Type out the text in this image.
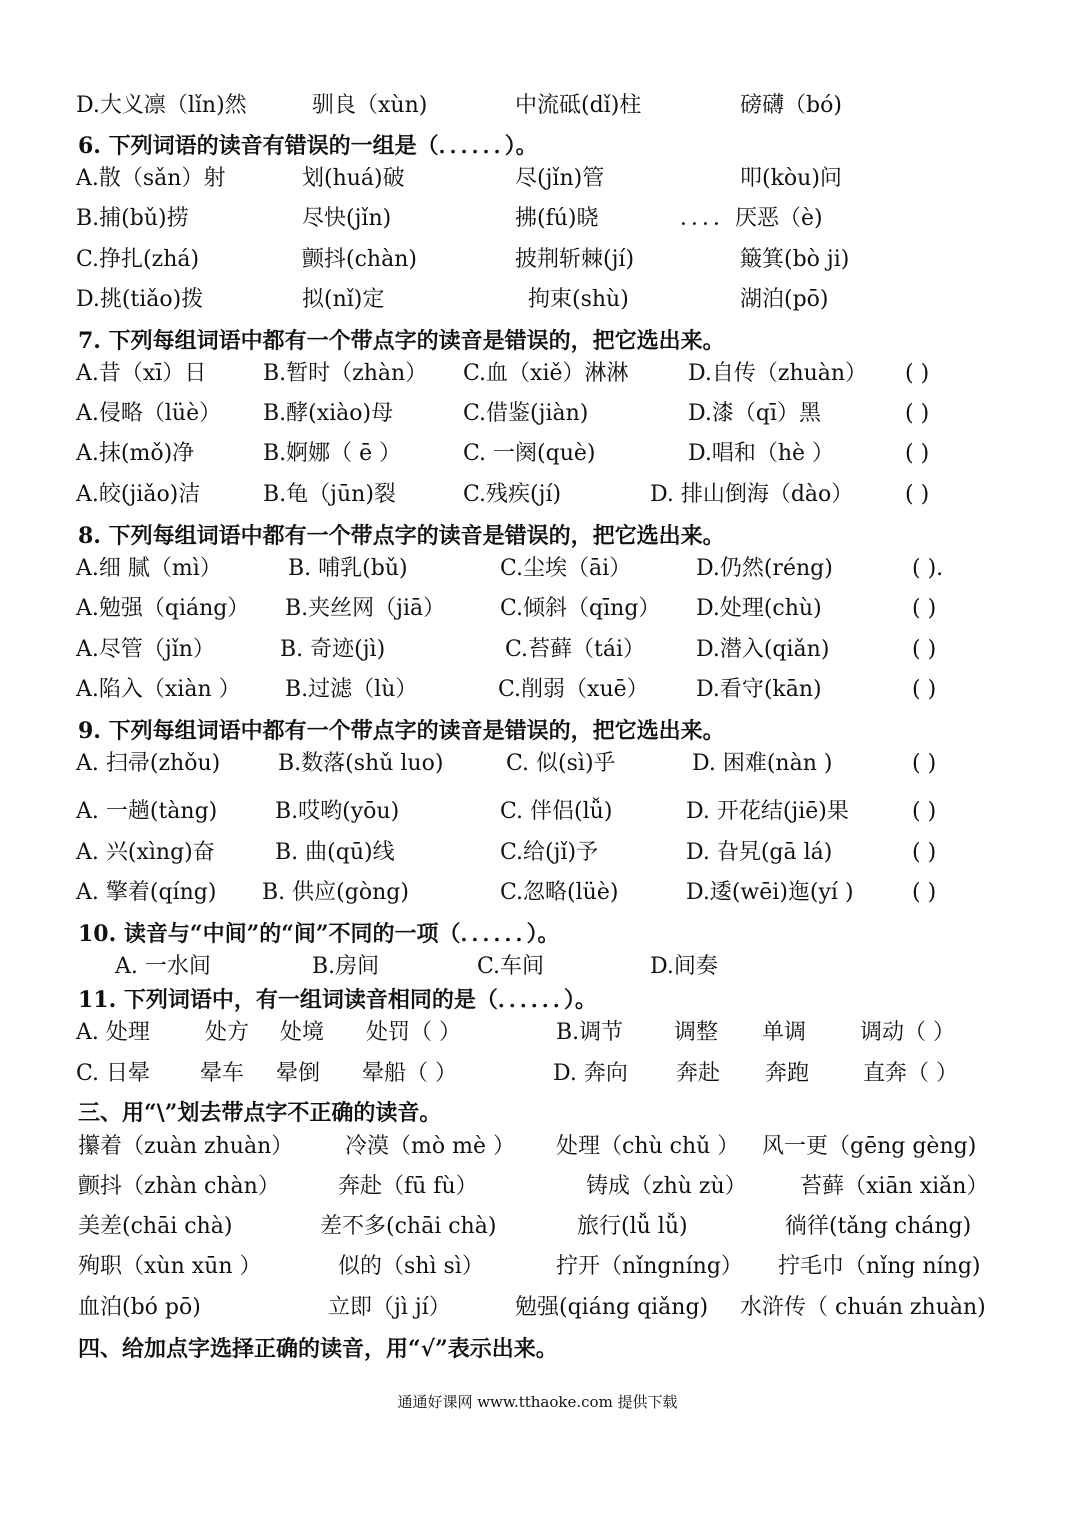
D.大义凛（lǐn)然	驯良（xùn)	中流砥(dǐ)柱	磅礴（bó)
6. 下列词语的读音有错误的一组是（．．．．．．）。
A.散（sǎn）射	划(huá)破	尽(jǐn)管	叩(kòu)问
B.捕(bǔ)捞	尽快(jǐn)	拂(fú)晓	．．．．厌恶（è)
C.挣扎(zhá)	颤抖(chàn)	披荆斩棘(jí)	簸箕(bò ji)
D.挑(tiǎo)拨	拟(nǐ)定	拘束(shù)	湖泊(pō)
7. 下列每组词语中都有一个带点字的读音是错误的，把它选出来。
A.昔（xī）日	B.暂时（zhàn） C.血（xiě）淋淋	D.自传（zhuàn） ( )
A.侵略（lüè） B.酵(xiào)母	C.借鉴(jiàn)	D.漆（qī）黑	( )
A.抹(mǒ)净	B.婀娜（ ē ）	C. 一阕(què)	D.唱和（hè ）	( )
A.皎(jiǎo)洁	B.龟（jūn)裂	C.残疾(jí)	D. 排山倒海（dào） ( )
8. 下列每组词语中都有一个带点字的读音是错误的，把它选出来。
A.细 腻（mì）	B. 哺乳(bǔ)	C.尘埃（āi）	D.仍然(réng)	( ).
A.勉强（qiáng） B.夹丝网（jiā） C.倾斜（qīng） D.处理(chù)	( )
A.尽管（jǐn）	B. 奇迹(jì)	C.苔藓（tái） D.潜入(qiǎn)	( )
A.陷入（xiàn ） B.过滤（lù）	C.削弱（xuē） D.看守(kān)	( )
9. 下列每组词语中都有一个带点字的读音是错误的，把它选出来。
A. 扫帚(zhǒu)	B.数落(shǔ luo)	C. 似(sì)乎	D. 困难(nàn )	( )
A. 一趟(tàng)	B.哎哟(yōu)	C. 伴侣(lǚ)	D. 开花结(jiē)果	( )
A. 兴(xìng)奋	B. 曲(qū)线	C.给(jǐ)予	D. 旮旯(gā lá)	( )
A. 擎着(qíng) B. 供应(gòng)	C.忽略(lüè)	D.逶(wēi)迤(yí )	( )
10. 读音与“中间”的“间”不同的一项（．．．．．．）。
A. 一水间	B.房间	C.车间	D.间奏
11. 下列词语中，有一组词读音相同的是（．．．．．．）。
A. 处理	处方 处境 处罚（ ）	B.调节 调整 单调 调动（ ）
C. 日晕 晕车 晕倒 晕船（ ）	D. 奔向 奔赴 奔跑 直奔（ ）
三、用“\”划去带点字不正确的读音。
攥着（zuàn zhuàn） 冷漠（mò mè ） 处理（chù chǔ ） 风一更（gēng gèng)
颤抖（zhàn chàn）	奔赴（fū fù）	铸成（zhù zù） 苔藓（xiān xiǎn）
美差(chāi chà)	差不多(chāi chà)	旅行(lǚ lǚ)	徜徉(tǎng cháng)
殉职（xùn xūn ）	似的（shì sì）	拧开（nǐngníng） 拧毛巾（nǐng níng)
血泊(bó pō)	立即（jì jí）	勉强(qiáng qiǎng) 水浒传（ chuán zhuàn)
四、给加点字选择正确的读音，用“√”表示出来。
通通好课网 www.tthaoke.com 提供下载
